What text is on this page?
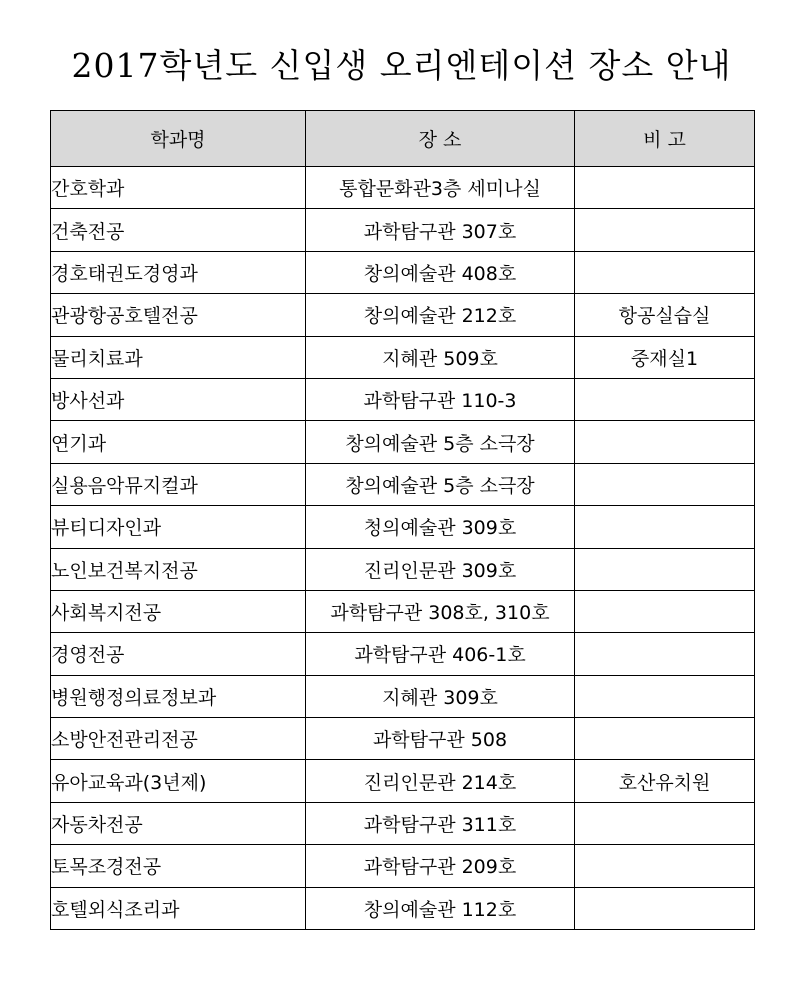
2017학년도 신입생 오리엔테이션 장소 안내
학과명	장 소	비 고
간호학과	통합문화관3층 세미나실	
건축전공	과학탐구관 307호	
경호태권도경영과	창의예술관 408호	
관광항공호텔전공	창의예술관 212호	항공실습실
물리치료과	지혜관 509호	중재실1
방사선과	과학탐구관 110-3	
연기과	창의예술관 5층 소극장	
실용음악뮤지컬과	창의예술관 5층 소극장	
뷰티디자인과	청의예술관 309호	
노인보건복지전공	진리인문관 309호	
사회복지전공	과학탐구관 308호, 310호	
경영전공	과학탐구관 406-1호	
병원행정의료정보과	지혜관 309호	
소방안전관리전공	과학탐구관 508	
유아교육과(3년제)	진리인문관 214호	호산유치원
자동차전공	과학탐구관 311호	
토목조경전공	과학탐구관 209호	
호텔외식조리과	창의예술관 112호	
